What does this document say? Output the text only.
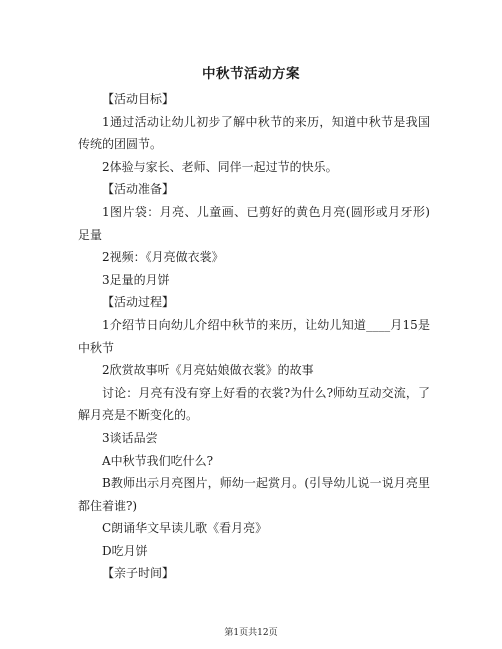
中秋节活动方案

【活动目标】

1通过活动让幼儿初步了解中秋节的来历，知道中秋节是我国传统的团圆节。

2体验与家长、老师、同伴一起过节的快乐。

【活动准备】

1图片袋：月亮、儿童画、已剪好的黄色月亮(圆形或月牙形)足量

2视频：《月亮做衣裳》

3足量的月饼

【活动过程】

1介绍节日向幼儿介绍中秋节的来历，让幼儿知道____月15是中秋节

2欣赏故事听《月亮姑娘做衣裳》的故事

讨论：月亮有没有穿上好看的衣裳?为什么?师幼互动交流，了解月亮是不断变化的。

3谈话品尝

A中秋节我们吃什么?

B教师出示月亮图片，师幼一起赏月。(引导幼儿说一说月亮里都住着谁?)

C朗诵华文早读儿歌《看月亮》

D吃月饼

【亲子时间】

第1页共12页
